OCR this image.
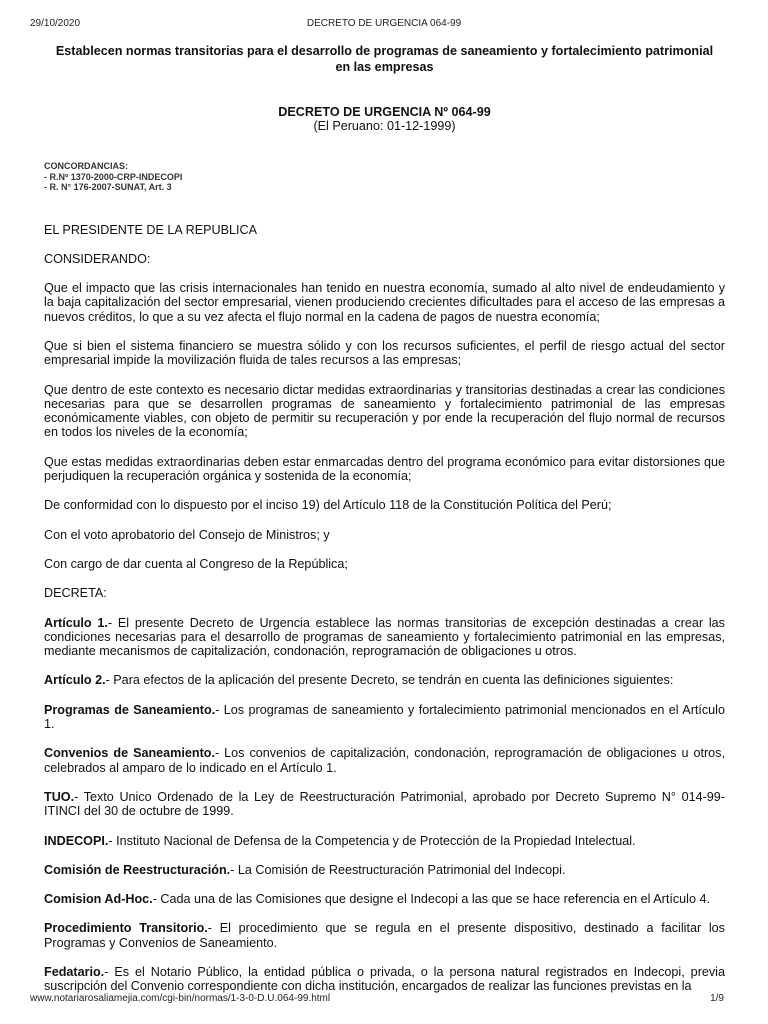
29/10/2020	DECRETO DE URGENCIA 064-99
Establecen normas transitorias para el desarrollo de programas de saneamiento y fortalecimiento patrimonial en las empresas
DECRETO DE URGENCIA Nº 064-99
(El Peruano: 01-12-1999)
CONCORDANCIAS:
- R.Nº 1370-2000-CRP-INDECOPI
- R. N° 176-2007-SUNAT, Art. 3

EL PRESIDENTE DE LA REPUBLICA

CONSIDERANDO:

Que el impacto que las crisis internacionales han tenido en nuestra economía, sumado al alto nivel de endeudamiento y la baja capitalización del sector empresarial, vienen produciendo crecientes dificultades para el acceso de las empresas a nuevos créditos, lo que a su vez afecta el flujo normal en la cadena de pagos de nuestra economía;

Que si bien el sistema financiero se muestra sólido y con los recursos suficientes, el perfil de riesgo actual del sector empresarial impide la movilización fluida de tales recursos a las empresas;

Que dentro de este contexto es necesario dictar medidas extraordinarias y transitorias destinadas a crear las condiciones necesarias para que se desarrollen programas de saneamiento y fortalecimiento patrimonial de las empresas económicamente viables, con objeto de permitir su recuperación y por ende la recuperación del flujo normal de recursos en todos los niveles de la economía;

Que estas medidas extraordinarias deben estar enmarcadas dentro del programa económico para evitar distorsiones que perjudiquen la recuperación orgánica y sostenida de la economía;

De conformidad con lo dispuesto por el inciso 19) del Artículo 118 de la Constitución Política del Perú;

Con el voto aprobatorio del Consejo de Ministros; y

Con cargo de dar cuenta al Congreso de la República;

DECRETA:

Artículo 1.- El presente Decreto de Urgencia establece las normas transitorias de excepción destinadas a crear las condiciones necesarias para el desarrollo de programas de saneamiento y fortalecimiento patrimonial en las empresas, mediante mecanismos de capitalización, condonación, reprogramación de obligaciones u otros.

Artículo 2.- Para efectos de la aplicación del presente Decreto, se tendrán en cuenta las definiciones siguientes:

Programas de Saneamiento.- Los programas de saneamiento y fortalecimiento patrimonial mencionados en el Artículo 1.

Convenios de Saneamiento.- Los convenios de capitalización, condonación, reprogramación de obligaciones u otros, celebrados al amparo de lo indicado en el Artículo 1.

TUO.- Texto Unico Ordenado de la Ley de Reestructuración Patrimonial, aprobado por Decreto Supremo N° 014-99-ITINCI del 30 de octubre de 1999.

INDECOPI.- Instituto Nacional de Defensa de la Competencia y de Protección de la Propiedad Intelectual.

Comisión de Reestructuración.- La Comisión de Reestructuración Patrimonial del Indecopi.

Comision Ad-Hoc.- Cada una de las Comisiones que designe el Indecopi a las que se hace referencia en el Artículo 4.

Procedimiento Transitorio.- El procedimiento que se regula en el presente dispositivo, destinado a facilitar los Programas y Convenios de Saneamiento.

Fedatario.- Es el Notario Público, la entidad pública o privada, o la persona natural registrados en Indecopi, previa suscripción del Convenio correspondiente con dicha institución, encargados de realizar las funciones previstas en la

www.notariarosaliamejia.com/cgi-bin/normas/1-3-0-D.U.064-99.html	1/9
